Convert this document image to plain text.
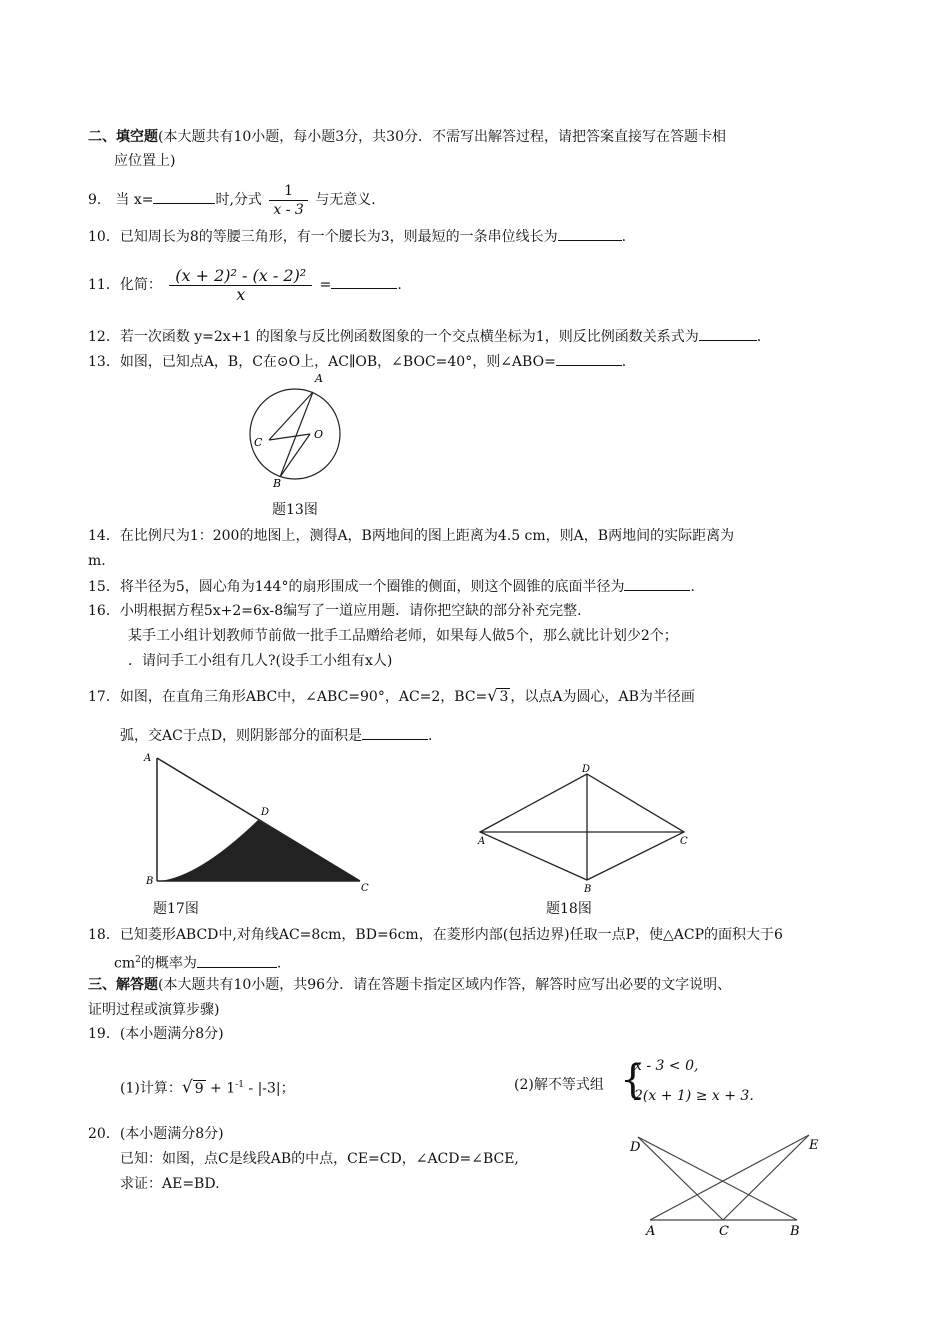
二、填空题(本大题共有10小题，每小题3分，共30分．不需写出解答过程，请把答案直接写在答题卡相
应位置上)
9． 当 x=	时,分式 $\frac{1}{x - 3}$ 与无意义.
10．已知周长为8的等腰三角形，有一个腰长为3，则最短的一条串位线长为	.
11．化简： $\frac{\text{(x + 2)² - (x - 2)²}}{x}$ =	.
12．若一次函数 y=2x+1 的图象与反比例函数图象的一个交点横坐标为1，则反比例函数关系式为	.
13．如图，已知点A，B，C在⊙O上，AC∥OB，∠BOC=40°，则∠ABO=	.
A
C
O
B
题13图
14．在比例尺为1：200的地图上，测得A，B两地间的图上距离为4.5 cm，则A，B两地间的实际距离为
m.
15．将半径为5，圆心角为144°的扇形围成一个圈锥的侧面，则这个圆锥的底面半径为	.
16．小明根据方程5x+2=6x-8编写了一道应用题．请你把空缺的部分补充完整．
某手工小组计划教师节前做一批手工品赠给老师，如果每人做5个，那么就比计划少2个；
．请问手工小组有几人?(设手工小组有x人)
17．如图，在直角三角形ABC中，∠ABC=90°，AC=2，BC=√ 3 ，以点A为圆心，AB为半径画
弧，交AC于点D，则阴影部分的面积是	.
A
B
C
D
题17图
D
A	C
B
题18图
18．已知菱形ABCD中,对角线AC=8cm，BD=6cm，在菱形内部(包括边界)任取一点P，使△ACP的面积大于6
$cm^2$的概率为	.
三、解答题(本大题共有10小题，共96分．请在答题卡指定区域内作答，解答时应写出必要的文字说明、
证明过程或演算步骤)
19．(本小题满分8分)
(1)计算：√ $9 + 1^{-1} - |-3|$；	(2)解不等式组 {
x - 3 < 0,
2(x + 1) ≥ x + 3.
20．(本小题满分8分)
已知：如图，点C是线段AB的中点，CE=CD，∠ACD=∠BCE,
求证：AE=BD.
D	E
A	C	B
